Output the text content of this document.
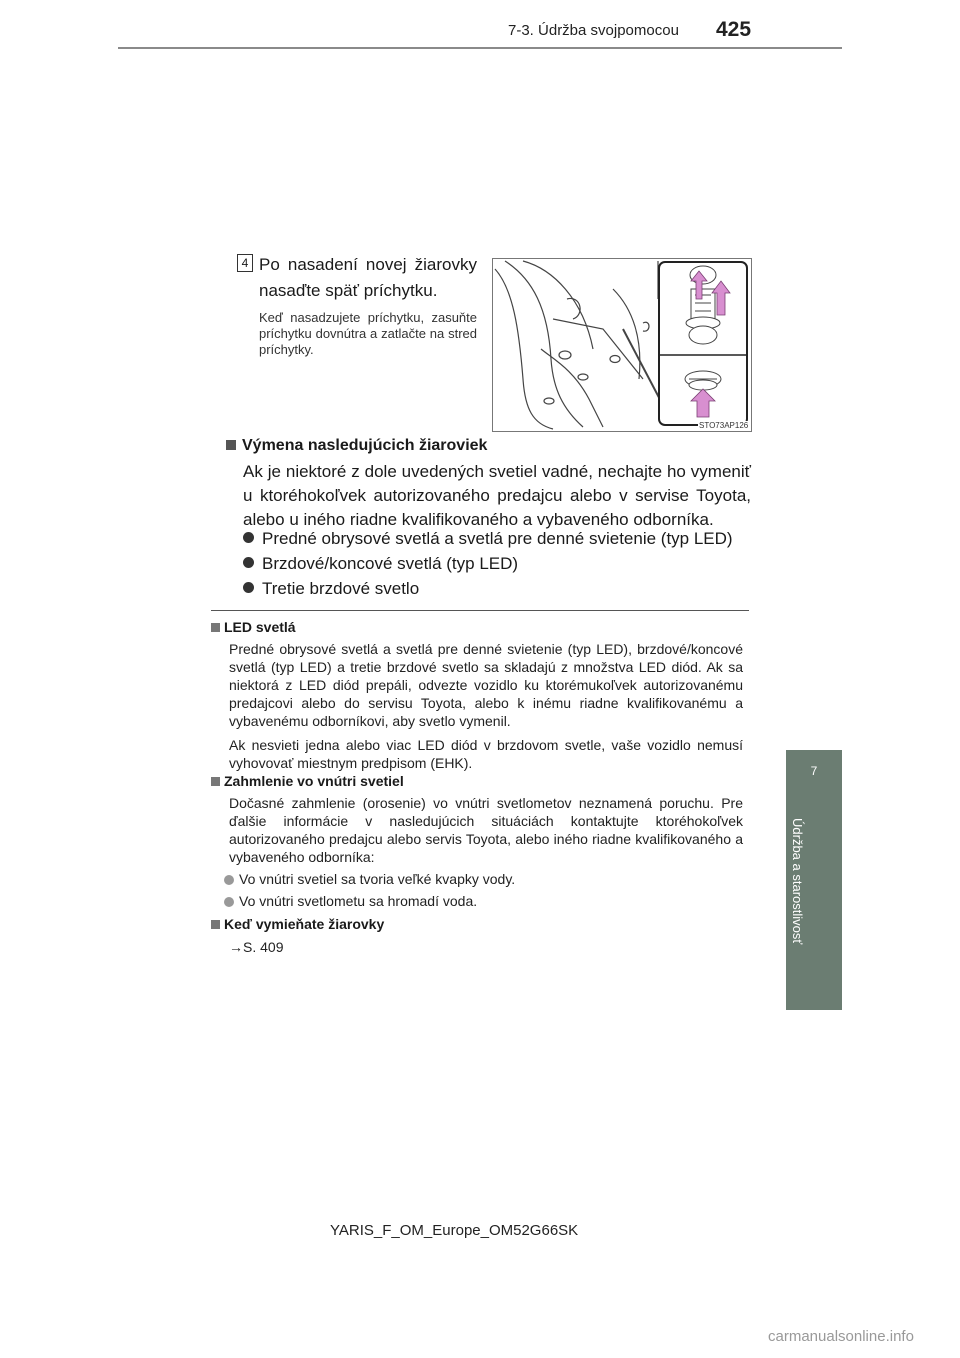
7-3. Údržba svojpomocou 425
7
Údržba a starostlivosť
4 Po nasadení novej žiarovky nasaďte späť príchytku.
Keď nasadzujete príchytku, zasuňte príchytku dovnútra a zatlačte na stred príchytky.
STO73AP126
Výmena nasledujúcich žiaroviek
Ak je niektoré z dole uvedených svetiel vadné, nechajte ho vymeniť u ktoréhokoľvek autorizovaného predajcu alebo v servise Toyota, alebo u iného riadne kvalifikovaného a vybaveného odborníka.
Predné obrysové svetlá a svetlá pre denné svietenie (typ LED)
Brzdové/koncové svetlá (typ LED)
Tretie brzdové svetlo
LED svetlá
Predné obrysové svetlá a svetlá pre denné svietenie (typ LED), brzdové/koncové svetlá (typ LED) a tretie brzdové svetlo sa skladajú z množstva LED diód. Ak sa niektorá z LED diód prepáli, odvezte vozidlo ku ktorémukoľvek autorizovanému predajcovi alebo do servisu Toyota, alebo k inému riadne kvalifikovanému a vybavenému odborníkovi, aby svetlo vymenil.
Ak nesvieti jedna alebo viac LED diód v brzdovom svetle, vaše vozidlo nemusí vyhovovať miestnym predpisom (EHK).
Zahmlenie vo vnútri svetiel
Dočasné zahmlenie (orosenie) vo vnútri svetlometov neznamená poruchu. Pre ďalšie informácie v nasledujúcich situáciách kontaktujte ktoréhokoľvek autorizovaného predajcu alebo servis Toyota, alebo iného riadne kvalifikovaného a vybaveného odborníka:
Vo vnútri svetiel sa tvoria veľké kvapky vody.
Vo vnútri svetlometu sa hromadí voda.
Keď vymieňate žiarovky
→S. 409
YARIS_F_OM_Europe_OM52G66SK
carmanualsonline.info
